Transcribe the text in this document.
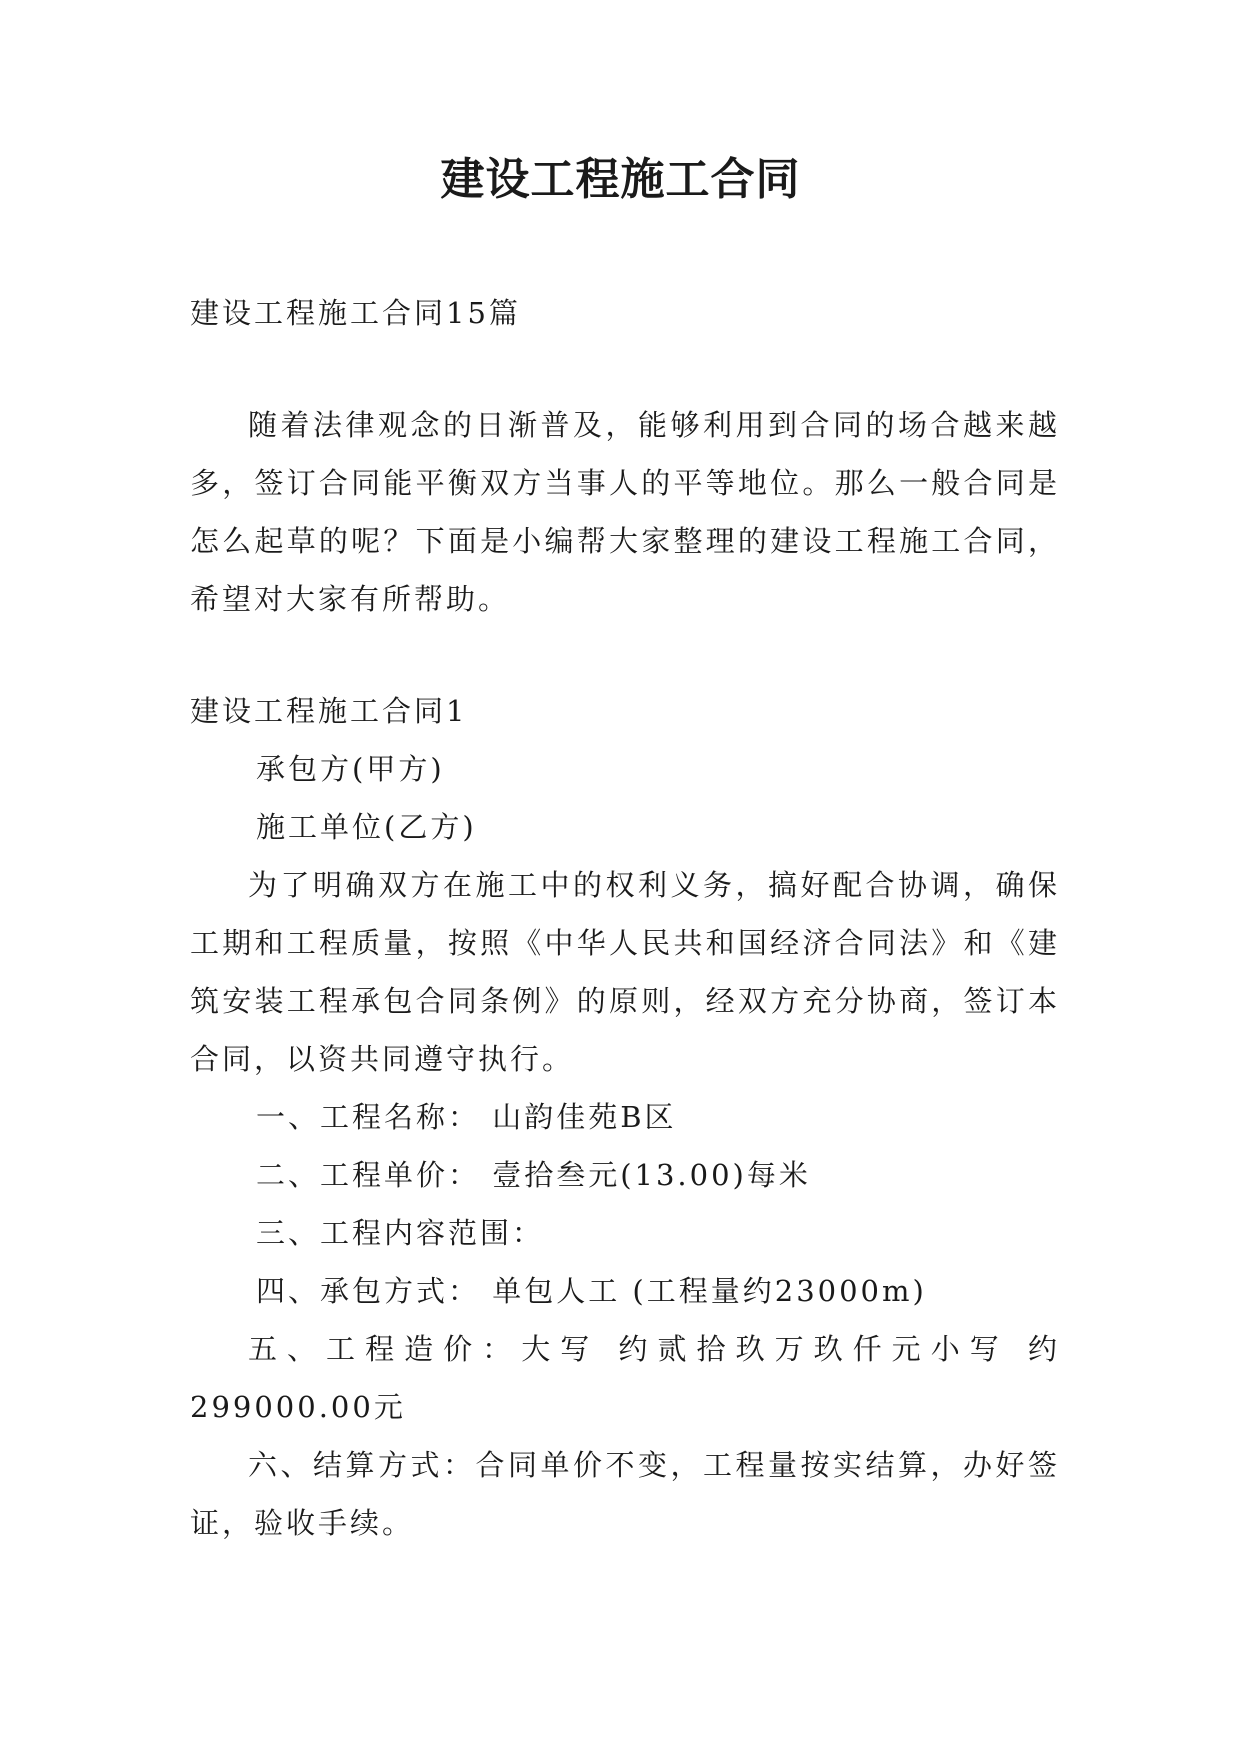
建设工程施工合同

建设工程施工合同15篇

随着法律观念的日渐普及，能够利用到合同的场合越来越多，签订合同能平衡双方当事人的平等地位。那么一般合同是怎么起草的呢？下面是小编帮大家整理的建设工程施工合同，希望对大家有所帮助。

建设工程施工合同1

承包方(甲方)

施工单位(乙方)

为了明确双方在施工中的权利义务，搞好配合协调，确保工期和工程质量，按照《中华人民共和国经济合同法》和《建筑安装工程承包合同条例》的原则，经双方充分协商，签订本合同，以资共同遵守执行。

一、工程名称： 山韵佳苑B区

二、工程单价： 壹拾叁元(13.00)每米

三、工程内容范围：

四、承包方式： 单包人工 (工程量约23000m)

五、工程造价：大写 约贰拾玖万玖仟元小写 约299000.00元

六、结算方式：合同单价不变，工程量按实结算，办好签证，验收手续。
